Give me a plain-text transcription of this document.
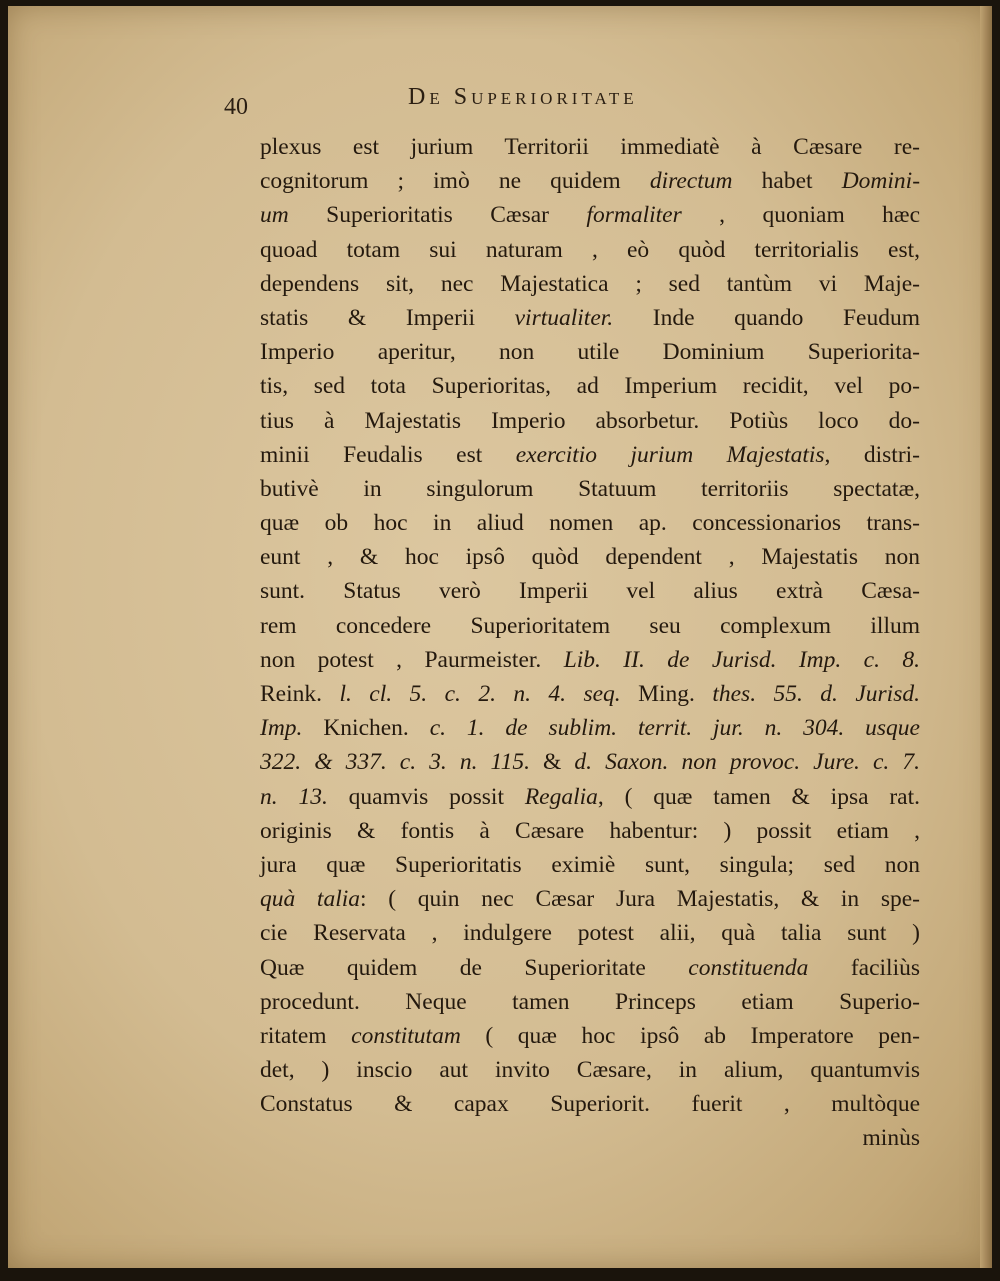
40	De Superioritate
plexus est jurium Territorii immediatè à Cæsare re-
cognitorum ; imò ne quidem directum habet Domini-
um Superioritatis Cæsar formaliter , quoniam hæc
quoad totam sui naturam , eò quòd territorialis est,
dependens sit, nec Majestatica ; sed tantùm vi Maje-
statis & Imperii virtualiter. Inde quando Feudum
Imperio aperitur, non utile Dominium Superiorita-
tis, sed tota Superioritas, ad Imperium recidit, vel po-
tius à Majestatis Imperio absorbetur. Potiùs loco do-
minii Feudalis est exercitio jurium Majestatis, distri-
butivè in singulorum Statuum territoriis spectatæ,
quæ ob hoc in aliud nomen ap. concessionarios trans-
eunt , & hoc ipsô quòd dependent , Majestatis non
sunt. Status verò Imperii vel alius extrà Cæsa-
rem concedere Superioritatem seu complexum illum
non potest , Paurmeister. Lib. II. de Jurisd. Imp. c. 8.
Reink. l. cl. 5. c. 2. n. 4. seq. Ming. thes. 55. d. Jurisd.
Imp. Knichen. c. 1. de sublim. territ. jur. n. 304. usque
322. & 337. c. 3. n. 115. & d. Saxon. non provoc. Jure. c. 7.
n. 13. quamvis possit Regalia, ( quæ tamen & ipsa rat.
originis & fontis à Cæsare habentur: ) possit etiam ,
jura quæ Superioritatis eximiè sunt, singula; sed non
quà talia: ( quin nec Cæsar Jura Majestatis, & in spe-
cie Reservata , indulgere potest alii, quà talia sunt )
Quæ quidem de Superioritate constituenda faciliùs
procedunt. Neque tamen Princeps etiam Superio-
ritatem constitutam ( quæ hoc ipsô ab Imperatore pen-
det, ) inscio aut invito Cæsare, in alium, quantumvis
Constatus & capax Superiorit. fuerit , multòque
minùs
